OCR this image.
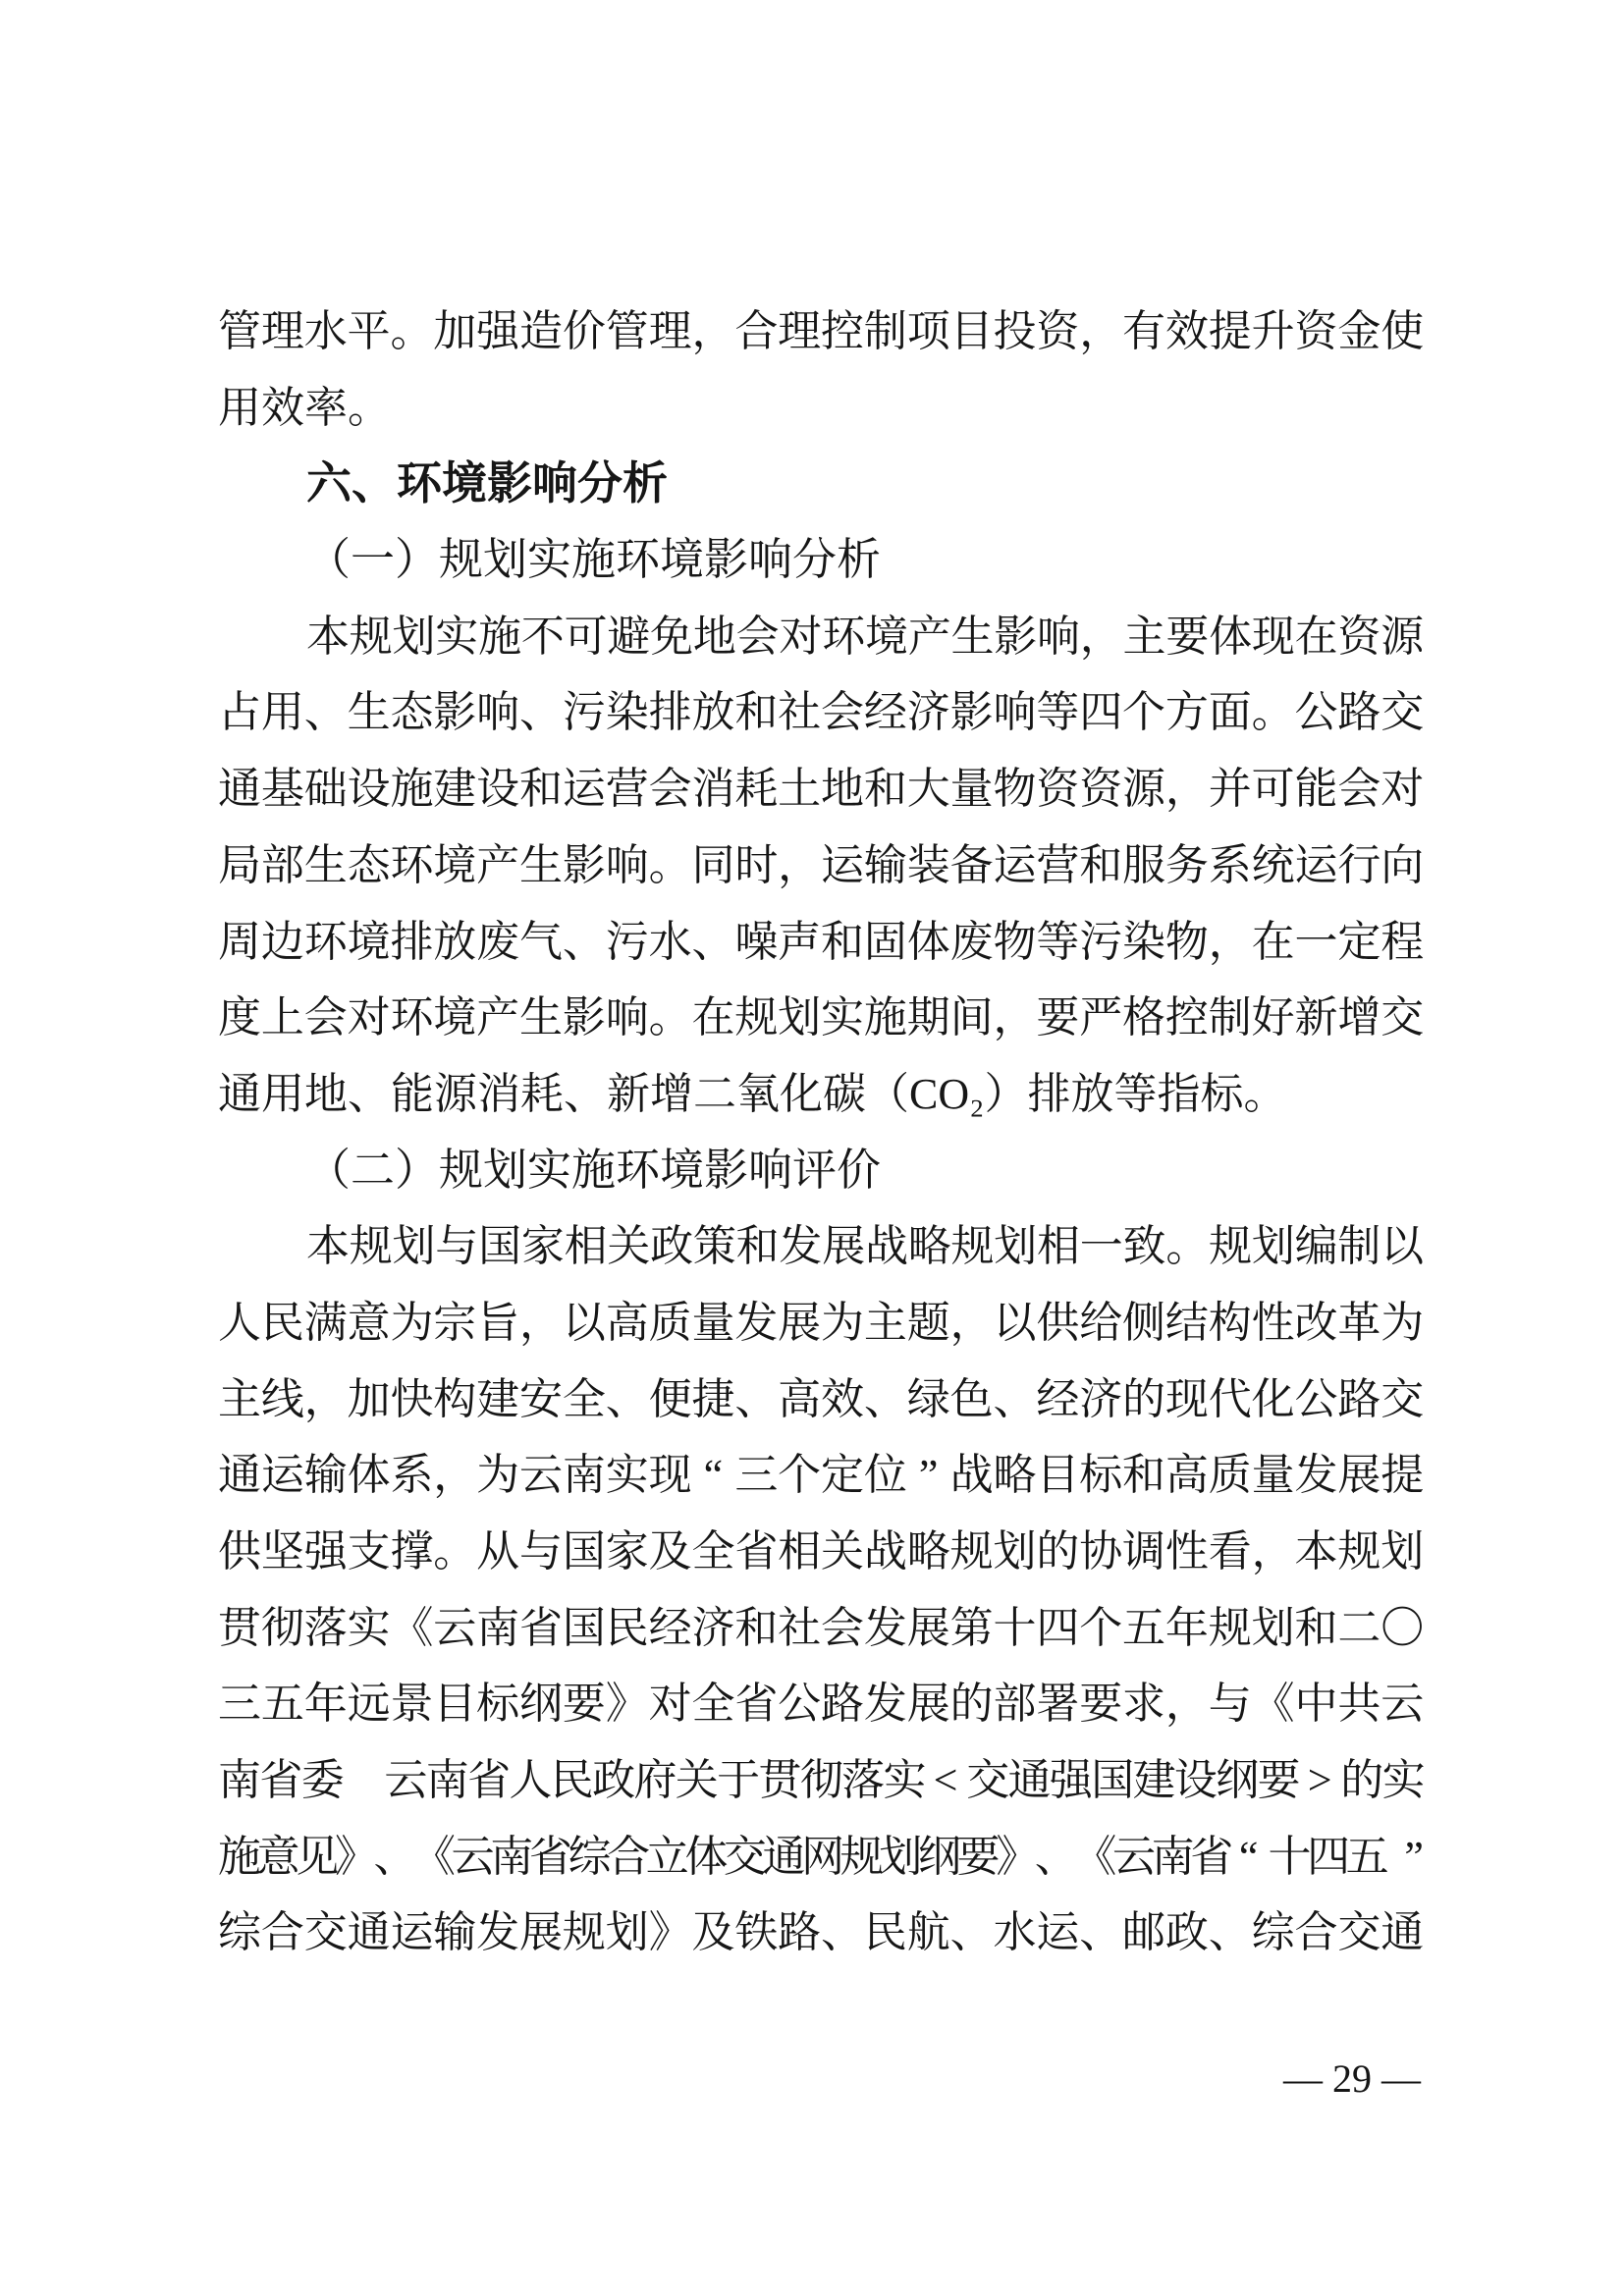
管 理 水 平 。 加 强 造 价 管 理 ， 合 理 控 制 项 目 投 资 ， 有 效 提 升 资 金 使
用效率。
六、环境影响分析
（一）规划实施环境影响分析
本 规 划 实 施 不 可 避 免 地 会 对 环 境 产 生 影 响 ， 主 要 体 现 在 资 源
占 用 、 生 态 影 响 、 污 染 排 放 和 社 会 经 济 影 响 等 四 个 方 面 。 公 路 交
通 基 础 设 施 建 设 和 运 营 会 消 耗 土 地 和 大 量 物 资 资 源 ， 并 可 能 会 对
局 部 生 态 环 境 产 生 影 响 。 同 时 ， 运 输 装 备 运 营 和 服 务 系 统 运 行 向
周 边 环 境 排 放 废 气 、 污 水 、 噪 声 和 固 体 废 物 等 污 染 物 ， 在 一 定 程
度 上 会 对 环 境 产 生 影 响 。 在 规 划 实 施 期 间 ， 要 严 格 控 制 好 新 增 交
通用地、能源消耗、新增二氧化碳（CO₂）排放等指标。
（二）规划实施环境影响评价
本 规 划 与 国 家 相 关 政 策 和 发 展 战 略 规 划 相 一 致 。 规 划 编 制 以
人 民 满 意 为 宗 旨 ， 以 高 质 量 发 展 为 主 题 ， 以 供 给 侧 结 构 性 改 革 为
主 线 ， 加 快 构 建 安 全 、 便 捷 、 高 效 、 绿 色 、 经 济 的 现 代 化 公 路 交
通 运 输 体 系 ， 为 云 南 实 现 “ 三 个 定 位 ” 战 略 目 标 和 高 质 量 发 展 提
供 坚 强 支 撑 。 从 与 国 家 及 全 省 相 关 战 略 规 划 的 协 调 性 看 ， 本 规 划
贯 彻 落 实 《 云 南 省 国 民 经 济 和 社 会 发 展 第 十 四 个 五 年 规 划 和 二 〇
三 五 年 远 景 目 标 纲 要 》 对 全 省 公 路 发 展 的 部 署 要 求 ， 与 《 中 共 云
南
省
委
云
南
省
人
民
政
府
关
于
贯
彻
落
实 < 交
通
强
国
建
设
纲
要 > 的
实
施
意
见
》
、
《
云
南
省
综
合
立
体
交
通
网
规
划
纲
要
》
、
《
云
南
省 “ 十
四
五 ”
综 合 交 通 运 输 发 展 规 划 》 及 铁 路 、 民 航 、 水 运 、 邮 政 、 综 合 交 通
— 29 —
